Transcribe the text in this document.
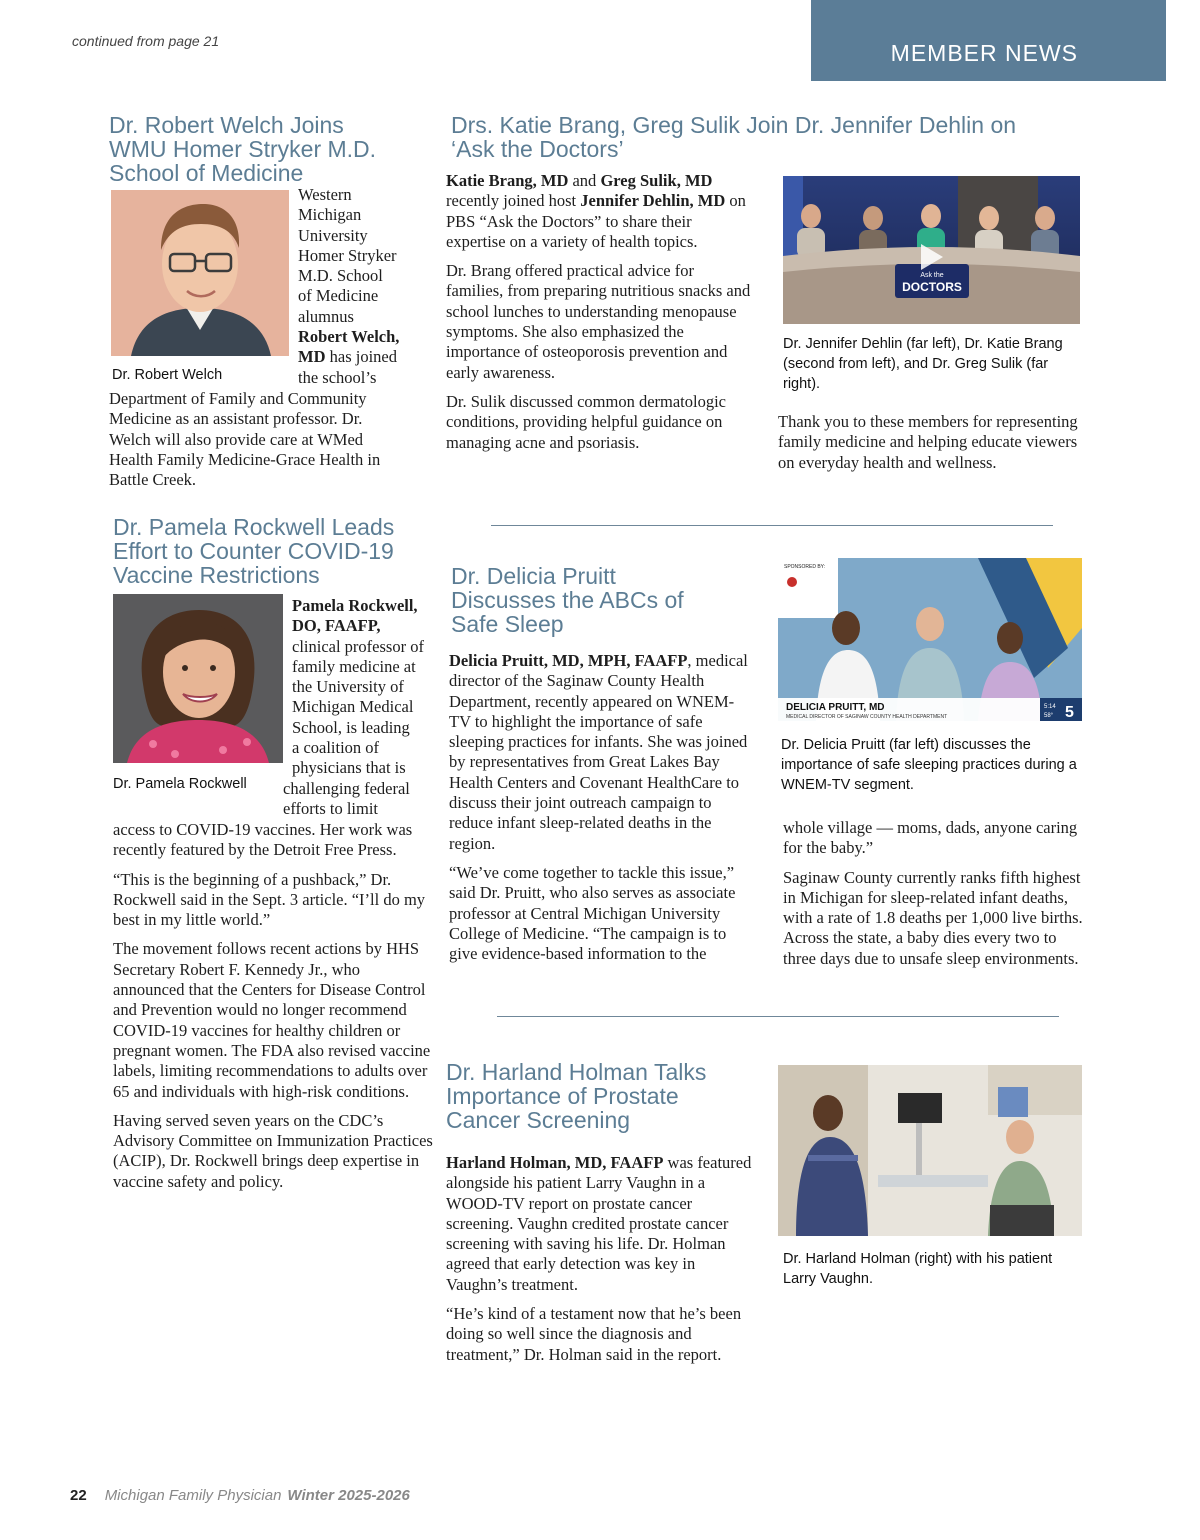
continued from page 21	MEMBER NEWS
Dr. Robert Welch Joins
WMU Homer Stryker M.D.
School of Medicine
Dr. Robert Welch
Western
Michigan
University
Homer Stryker
M.D. School
of Medicine
alumnus
Robert Welch,
MD has joined
the school’s
Department of Family and Community
Medicine as an assistant professor. Dr.
Welch will also provide care at WMed
Health Family Medicine-Grace Health in
Battle Creek.
Dr. Pamela Rockwell Leads
Effort to Counter COVID-19
Vaccine Restrictions
Dr. Pamela Rockwell
Pamela Rockwell,
DO, FAAFP,
clinical professor of
family medicine at
the University of
Michigan Medical
School, is leading
a coalition of
physicians that is
challenging federal
efforts to limit

access to COVID-19 vaccines. Her work was
recently featured by the Detroit Free Press.

“This is the beginning of a pushback,” Dr. Rockwell said in the Sept. 3 article. “I’ll do my best in my little world.”

The movement follows recent actions by HHS Secretary Robert F. Kennedy Jr., who announced that the Centers for Disease Control and Prevention would no longer recommend COVID-19 vaccines for healthy children or pregnant women. The FDA also revised vaccine labels, limiting recommendations to adults over 65 and individuals with high-risk conditions.

Having served seven years on the CDC’s Advisory Committee on Immunization Practices (ACIP), Dr. Rockwell brings deep expertise in vaccine safety and policy.

Drs. Katie Brang, Greg Sulik Join Dr. Jennifer Dehlin on
‘Ask the Doctors’

Katie Brang, MD and Greg Sulik, MD recently joined host Jennifer Dehlin, MD on PBS “Ask the Doctors” to share their expertise on a variety of health topics.

Dr. Brang offered practical advice for families, from preparing nutritious snacks and school lunches to understanding menopause symptoms. She also emphasized the importance of osteoporosis prevention and early awareness.

Dr. Sulik discussed common dermatologic conditions, providing helpful guidance on managing acne and psoriasis.

Ask the
DOCTORS
Dr. Jennifer Dehlin (far left), Dr. Katie Brang (second from left), and Dr. Greg Sulik (far right).
Thank you to these members for representing family medicine and helping educate viewers on everyday health and wellness.
Dr. Delicia Pruitt
Discusses the ABCs of
Safe Sleep

Delicia Pruitt, MD, MPH, FAAFP, medical director of the Saginaw County Health Department, recently appeared on WNEM-TV to highlight the importance of safe sleeping practices for infants. She was joined by representatives from Great Lakes Bay Health Centers and Covenant HealthCare to discuss their joint outreach campaign to reduce infant sleep-related deaths in the region.

“We’ve come together to tackle this issue,” said Dr. Pruitt, who also serves as associate professor at Central Michigan University College of Medicine. “The campaign is to give evidence-based information to the

SPONSORED BY:
DELICIA PRUITT, MD
MEDICAL DIRECTOR OF SAGINAW COUNTY HEALTH DEPARTMENT
5:14
58° 5
Dr. Delicia Pruitt (far left) discusses the importance of safe sleeping practices during a WNEM-TV segment.

whole village — moms, dads, anyone caring for the baby.”

Saginaw County currently ranks fifth highest in Michigan for sleep-related infant deaths, with a rate of 1.8 deaths per 1,000 live births. Across the state, a baby dies every two to three days due to unsafe sleep environments.

Dr. Harland Holman Talks
Importance of Prostate
Cancer Screening

Harland Holman, MD, FAAFP was featured alongside his patient Larry Vaughn in a WOOD-TV report on prostate cancer screening. Vaughn credited prostate cancer screening with saving his life. Dr. Holman agreed that early detection was key in Vaughn’s treatment.

“He’s kind of a testament now that he’s been doing so well since the diagnosis and treatment,” Dr. Holman said in the report.

Dr. Harland Holman (right) with his patient Larry Vaughn.
22 Michigan Family Physician Winter 2025-2026
